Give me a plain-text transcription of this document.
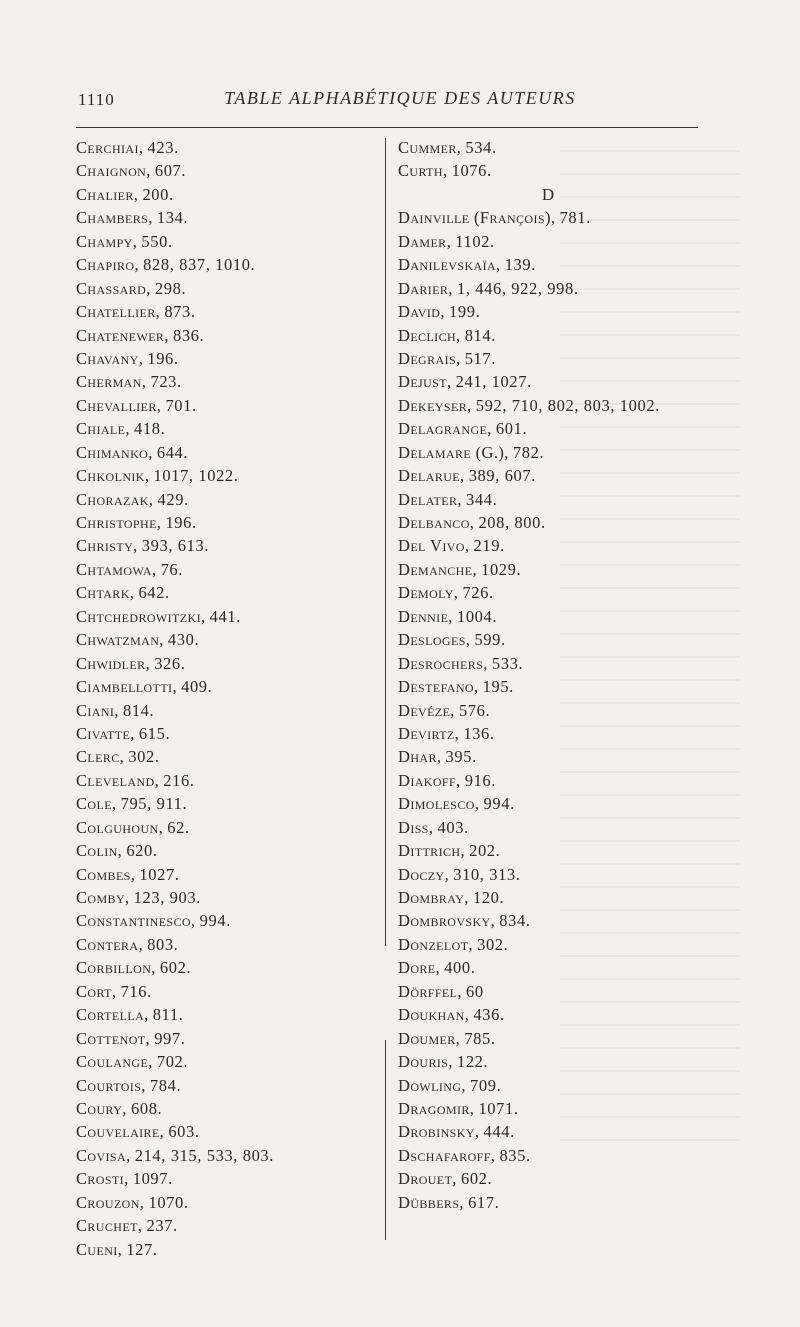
1110	TABLE ALPHABÉTIQUE DES AUTEURS
Cerchiai, 423.
Chaignon, 607.
Chalier, 200.
Chambers, 134.
Champy, 550.
Chapiro, 828, 837, 1010.
Chassard, 298.
Chatellier, 873.
Chatenewer, 836.
Chavany, 196.
Cherman, 723.
Chevallier, 701.
Chiale, 418.
Chimanko, 644.
Chkolnik, 1017, 1022.
Chorazak, 429.
Christophe, 196.
Christy, 393, 613.
Chtamowa, 76.
Chtark, 642.
Chtchedrowitzki, 441.
Chwatzman, 430.
Chwidler, 326.
Ciambellotti, 409.
Ciani, 814.
Civatte, 615.
Clerc, 302.
Cleveland, 216.
Cole, 795, 911.
Colguhoun, 62.
Colin, 620.
Combes, 1027.
Comby, 123, 903.
Constantinesco, 994.
Contera, 803.
Corbillon, 602.
Cort, 716.
Cortella, 811.
Cottenot, 997.
Coulange, 702.
Courtois, 784.
Coury, 608.
Couvelaire, 603.
Covisa, 214, 315, 533, 803.
Crosti, 1097.
Crouzon, 1070.
Cruchet, 237.
Cueni, 127.
Cummer, 534.
Curth, 1076.
D
Dainville (François), 781.
Damer, 1102.
Danilevskaïa, 139.
Darier, 1, 446, 922, 998.
David, 199.
Declich, 814.
Degrais, 517.
Dejust, 241, 1027.
Dekeyser, 592, 710, 802, 803, 1002.
Delagrange, 601.
Delamare (G.), 782.
Delarue, 389, 607.
Delater, 344.
Delbanco, 208, 800.
Del Vivo, 219.
Demanche, 1029.
Demoly, 726.
Dennie, 1004.
Desloges, 599.
Desrochers, 533.
Destefano, 195.
Devéze, 576.
Devirtz, 136.
Dhar, 395.
Diakoff, 916.
Dimolesco, 994.
Diss, 403.
Dittrich, 202.
Doczy, 310, 313.
Dombray, 120.
Dombrovsky, 834.
Donzelot, 302.
Dore, 400.
Dörffel, 60
Doukhan, 436.
Doumer, 785.
Douris, 122.
Dowling, 709.
Dragomir, 1071.
Drobinsky, 444.
Dschafaroff, 835.
Drouet, 602.
Dübbers, 617.
